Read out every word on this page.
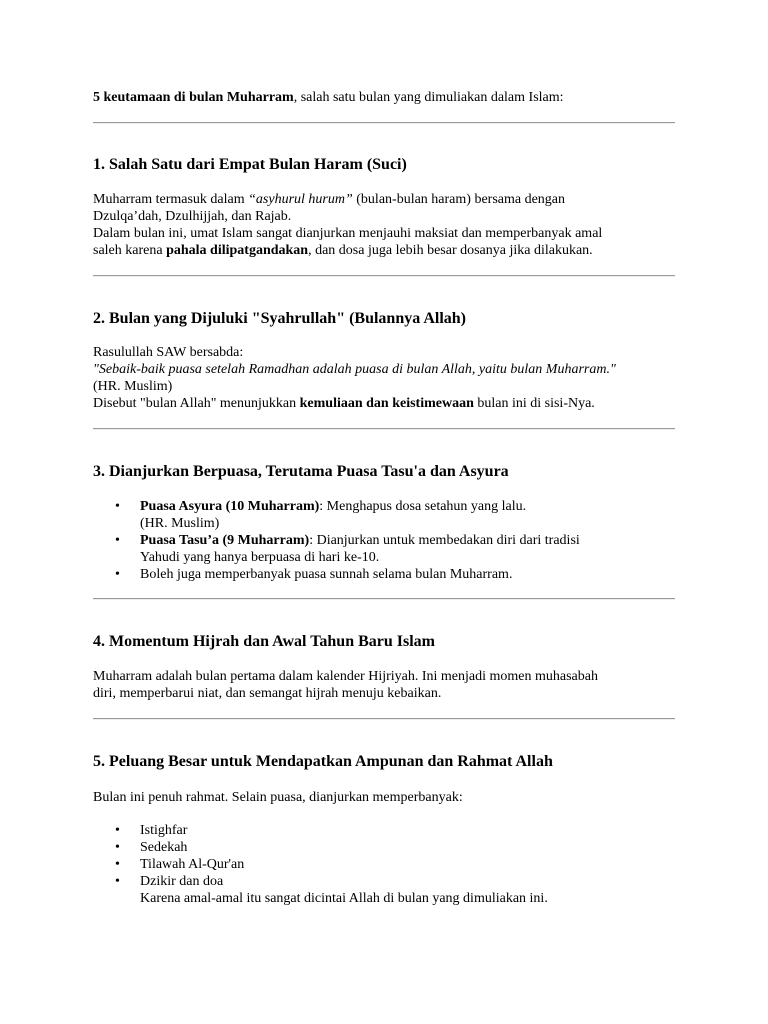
5 keutamaan di bulan Muharram, salah satu bulan yang dimuliakan dalam Islam:
1. Salah Satu dari Empat Bulan Haram (Suci)
Muharram termasuk dalam “asyhurul hurum” (bulan-bulan haram) bersama dengan
Dzulqa’dah, Dzulhijjah, dan Rajab.
Dalam bulan ini, umat Islam sangat dianjurkan menjauhi maksiat dan memperbanyak amal
saleh karena pahala dilipatgandakan, dan dosa juga lebih besar dosanya jika dilakukan.
2. Bulan yang Dijuluki "Syahrullah" (Bulannya Allah)
Rasulullah SAW bersabda:
"Sebaik-baik puasa setelah Ramadhan adalah puasa di bulan Allah, yaitu bulan Muharram."
(HR. Muslim)
Disebut "bulan Allah" menunjukkan kemuliaan dan keistimewaan bulan ini di sisi-Nya.
3. Dianjurkan Berpuasa, Terutama Puasa Tasu'a dan Asyura
• Puasa Asyura (10 Muharram): Menghapus dosa setahun yang lalu.
(HR. Muslim)
• Puasa Tasu’a (9 Muharram): Dianjurkan untuk membedakan diri dari tradisi
Yahudi yang hanya berpuasa di hari ke-10.
• Boleh juga memperbanyak puasa sunnah selama bulan Muharram.
4. Momentum Hijrah dan Awal Tahun Baru Islam
Muharram adalah bulan pertama dalam kalender Hijriyah. Ini menjadi momen muhasabah
diri, memperbarui niat, dan semangat hijrah menuju kebaikan.
5. Peluang Besar untuk Mendapatkan Ampunan dan Rahmat Allah
Bulan ini penuh rahmat. Selain puasa, dianjurkan memperbanyak:
• Istighfar
• Sedekah
• Tilawah Al-Qur'an
• Dzikir dan doa
Karena amal-amal itu sangat dicintai Allah di bulan yang dimuliakan ini.
